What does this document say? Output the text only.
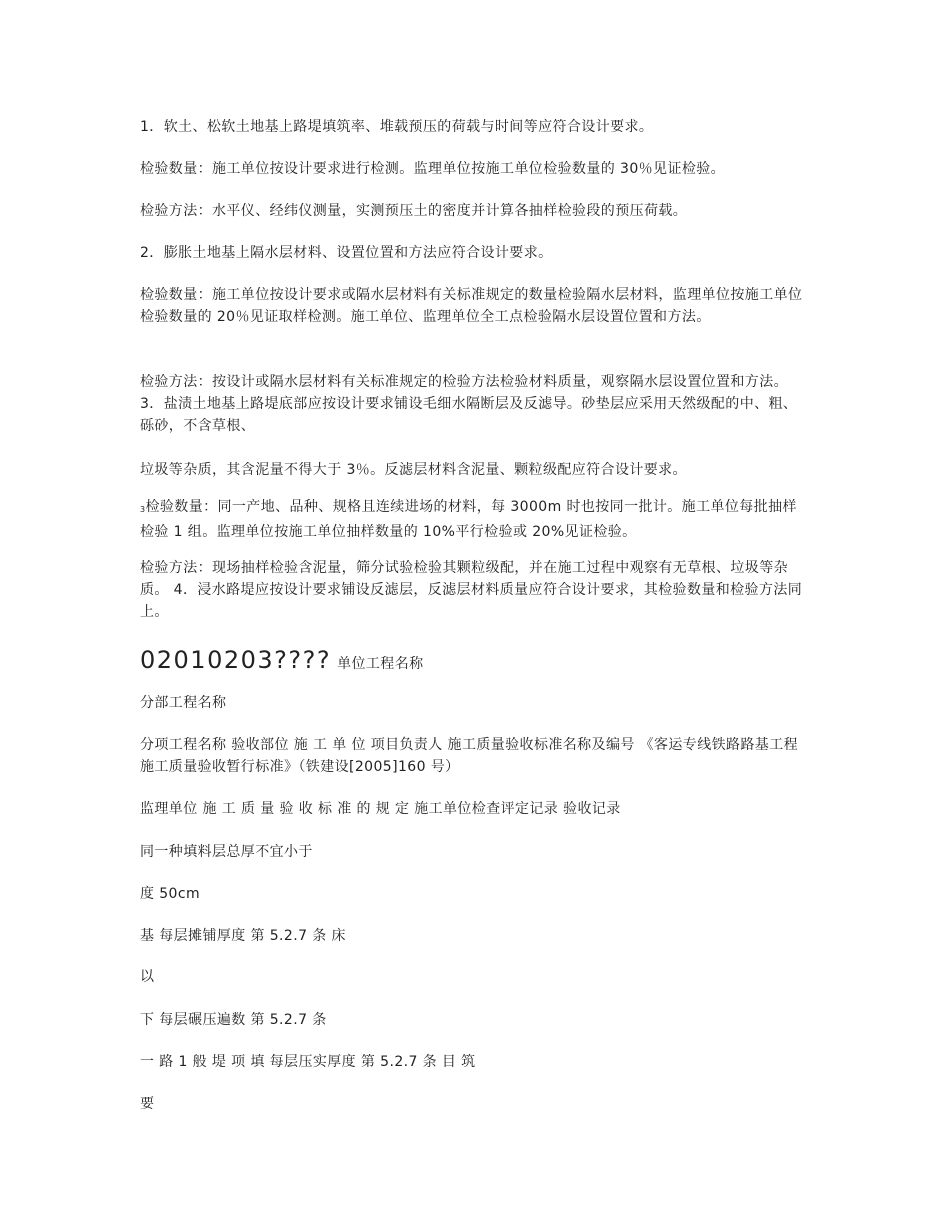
1．软土、松软土地基上路堤填筑率、堆载预压的荷载与时间等应符合设计要求。

检验数量：施工单位按设计要求进行检测。监理单位按施工单位检验数量的 30％见证检验。

检验方法：水平仪、经纬仪测量，实测预压土的密度并计算各抽样检验段的预压荷载。

2．膨胀土地基上隔水层材料、设置位置和方法应符合设计要求。

检验数量：施工单位按设计要求或隔水层材料有关标准规定的数量检验隔水层材料，监理单位按施工单位检验数量的 20％见证取样检测。施工单位、监理单位全工点检验隔水层设置位置和方法。

检验方法：按设计或隔水层材料有关标准规定的检验方法检验材料质量，观察隔水层设置位置和方法。 3．盐渍土地基上路堤底部应按设计要求铺设毛细水隔断层及反滤导。砂垫层应采用天然级配的中、粗、砾砂，不含草根、

垃圾等杂质，其含泥量不得大于 3％。反滤层材料含泥量、颗粒级配应符合设计要求。

3检验数量：同一产地、品种、规格且连续进场的材料，每 3000m 时也按同一批计。施工单位每批抽样检验 1 组。监理单位按施工单位抽样数量的 10%平行检验或 20%见证检验。

检验方法：现场抽样检验含泥量，筛分试验检验其颗粒级配，并在施工过程中观察有无草根、垃圾等杂质。 4．浸水路堤应按设计要求铺设反滤层，反滤层材料质量应符合设计要求，其检验数量和检验方法同上。

02010203???? 单位工程名称

分部工程名称

分项工程名称 验收部位 施 工 单 位 项目负责人 施工质量验收标准名称及编号 《客运专线铁路路基工程施工质量验收暂行标准》（铁建设[2005]160 号）

监理单位 施 工 质 量 验 收 标 准 的 规 定 施工单位检查评定记录 验收记录

同一种填料层总厚不宜小于

度 50cm

基 每层摊铺厚度 第 5.2.7 条 床

以

下 每层碾压遍数 第 5.2.7 条

一 路 1 般 堤 项 填 每层压实厚度 第 5.2.7 条 目 筑

要
